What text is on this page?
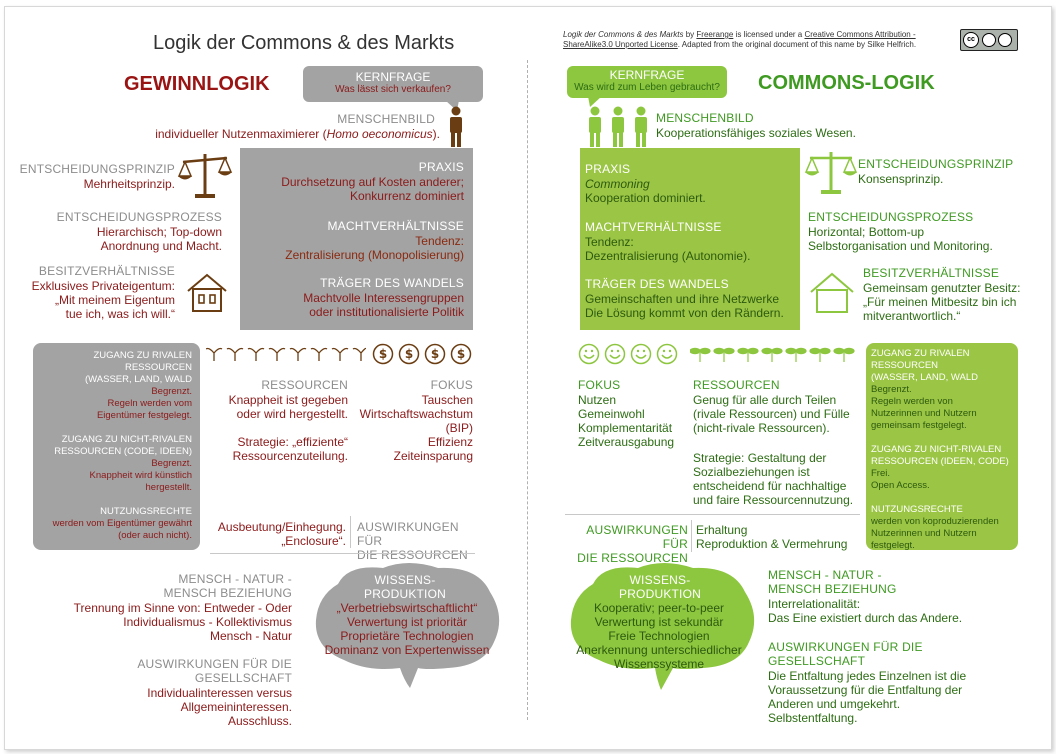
Logik der Commons & des Markts	Logik der Commons & des Markts by Freerange is licensed under a Creative Commons Attribution -
ShareAlike3.0 Unported License. Adapted from the original document of this name by Silke Helfrich.
cc
GEWINNLOGIK	KERNFRAGE
Was lässt sich verkaufen?
MENSCHENBILD
individueller Nutzenmaximierer (Homo oeconomicus).
ENTSCHEIDUNGSPRINZIP
Mehrheitsprinzip.
ENTSCHEIDUNGSPROZESS
Hierarchisch; Top-down
Anordnung und Macht.
BESITZVERHÄLTNISSE
Exklusives Privateigentum:
„Mit meinem Eigentum
tue ich, was ich will.“
PRAXIS
Durchsetzung auf Kosten anderer;
Konkurrenz dominiert
MACHTVERHÄLTNISSE
Tendenz:
Zentralisierung (Monopolisierung)
TRÄGER DES WANDELS
Machtvolle Interessengruppen
oder institutionalisierte Politik
ZUGANG ZU RIVALEN
RESSOURCEN
(WASSER, LAND, WALD
Begrenzt.
Regeln werden vom
Eigentümer festgelegt.
ZUGANG ZU NICHT-RIVALEN
RESSOURCEN (CODE, IDEEN)
Begrenzt.
Knappheit wird künstlich
hergestellt.
NUTZUNGSRECHTE
werden vom Eigentümer gewährt
(oder auch nicht).
$ $ $ $
RESSOURCEN
Knappheit ist gegeben
oder wird hergestellt.
Strategie: „effiziente“
Ressourcenzuteilung.
FOKUS
Tauschen
Wirtschaftswachstum
(BIP)
Effizienz
Zeiteinsparung
Ausbeutung/Einhegung.
„Enclosure“.
AUSWIRKUNGEN FÜR
DIE RESSOURCEN
MENSCH - NATUR -
MENSCH BEZIEHUNG
Trennung im Sinne von: Entweder - Oder
Individualismus - Kollektivismus
Mensch - Natur
AUSWIRKUNGEN FÜR DIE
GESELLSCHAFT
Individualinteressen versus
Allgemeininteressen.
Ausschluss.
WISSENS-
PRODUKTION
„Verbetriebswirtschaftlicht“
Verwertung ist prioritär
Proprietäre Technologien
Dominanz von Expertenwissen
KERNFRAGE
Was wird zum Leben gebraucht?	COMMONS-LOGIK
MENSCHENBILD
Kooperationsfähiges soziales Wesen.
PRAXIS
Commoning
Kooperation dominiert.
MACHTVERHÄLTNISSE
Tendenz:
Dezentralisierung (Autonomie).
TRÄGER DES WANDELS
Gemeinschaften und ihre Netzwerke
Die Lösung kommt von den Rändern.
ENTSCHEIDUNGSPRINZIP
Konsensprinzip.
ENTSCHEIDUNGSPROZESS
Horizontal; Bottom-up
Selbstorganisation und Monitoring.
BESITZVERHÄLTNISSE
Gemeinsam genutzter Besitz:
„Für meinen Mitbesitz bin ich
mitverantwortlich.“
FOKUS
Nutzen
Gemeinwohl
Komplementarität
Zeitverausgabung
RESSOURCEN
Genug für alle durch Teilen
(rivale Ressourcen) und Fülle
(nicht-rivale Ressourcen).
Strategie: Gestaltung der
Sozialbeziehungen ist
entscheidend für nachhaltige
und faire Ressourcennutzung.
ZUGANG ZU RIVALEN
RESSOURCEN
(WASSER, LAND, WALD
Begrenzt.
Regeln werden von
Nutzerinnen und Nutzern
gemeinsam festgelegt.
ZUGANG ZU NICHT-RIVALEN
RESSOURCEN (IDEEN, CODE)
Frei.
Open Access.
NUTZUNGSRECHTE
werden von koproduzierenden
Nutzerinnen und Nutzern
festgelegt.
AUSWIRKUNGEN FÜR
DIE RESSOURCEN
Erhaltung
Reproduktion & Vermehrung
WISSENS-
PRODUKTION
Kooperativ; peer-to-peer
Verwertung ist sekundär
Freie Technologien
Anerkennung unterschiedlicher
Wissenssysteme
MENSCH - NATUR -
MENSCH BEZIEHUNG
Interrelationalität:
Das Eine existiert durch das Andere.
AUSWIRKUNGEN FÜR DIE
GESELLSCHAFT
Die Entfaltung jedes Einzelnen ist die
Voraussetzung für die Entfaltung der
Anderen und umgekehrt.
Selbstentfaltung.
